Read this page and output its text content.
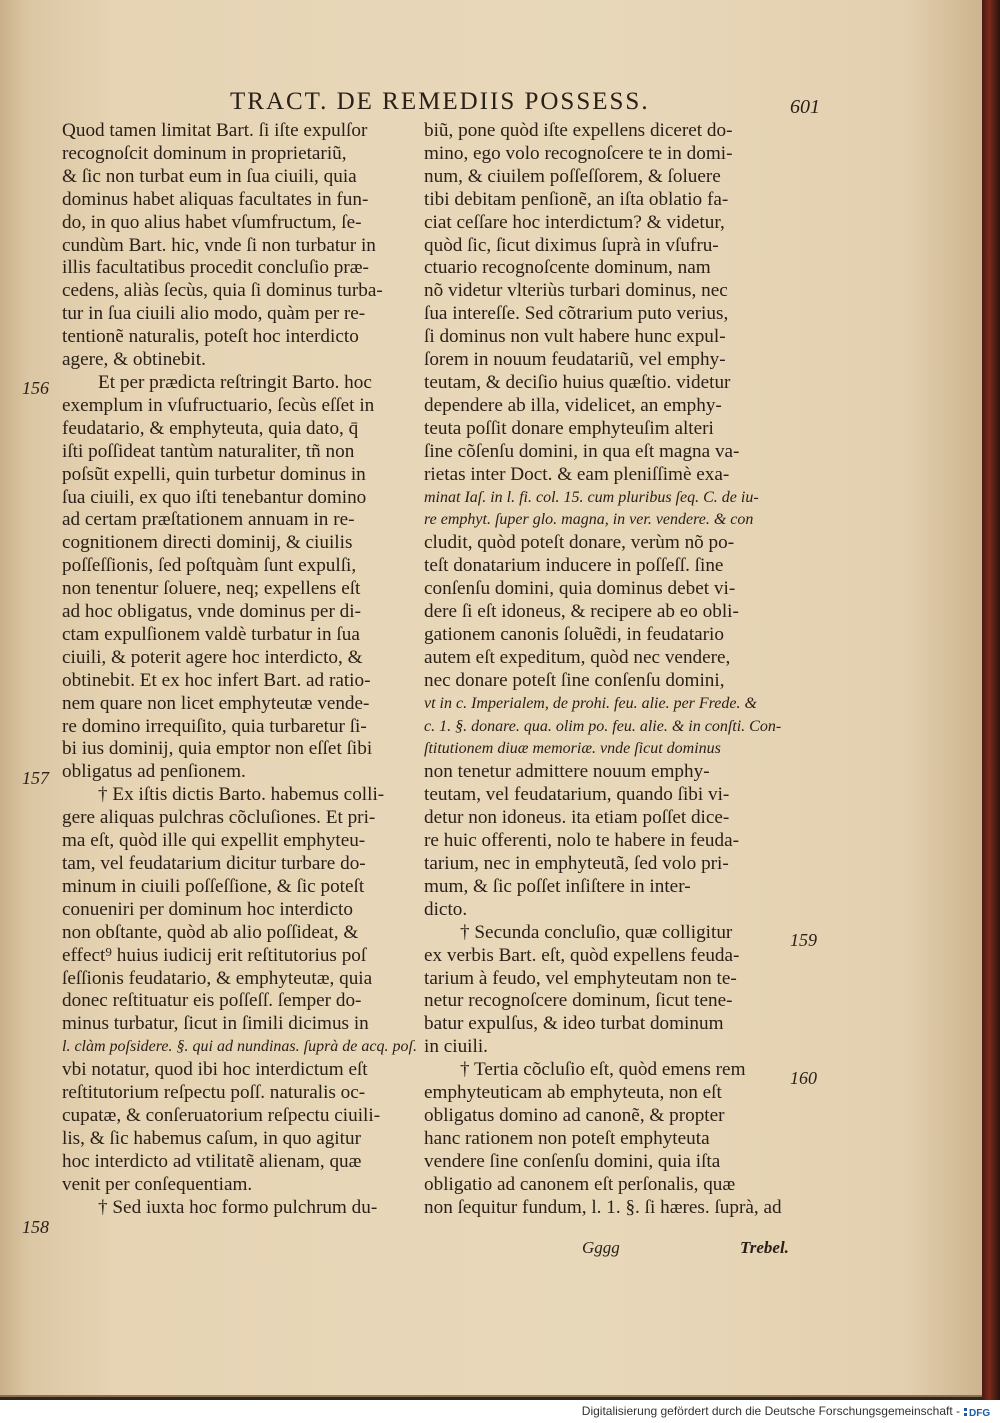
TRACT. DE REMEDIIS POSSESS.	601

Quod tamen limitat Bart. ſi iſte expulſor

recognoſcit dominum in proprietariũ,

& ſic non turbat eum in ſua ciuili, quia

dominus habet aliquas facultates in fun-

do, in quo alius habet vſumfructum, ſe-

cundùm Bart. hic, vnde ſi non turbatur in

illis facultatibus procedit concluſio præ-

cedens, aliàs ſecùs, quia ſi dominus turba-

tur in ſua ciuili alio modo, quàm per re-

tentionẽ naturalis, poteſt hoc interdicto

agere, & obtinebit.

Et per prædicta reſtringit Barto. hoc

exemplum in vſufructuario, ſecùs eſſet in

feudatario, & emphyteuta, quia dato, q̄

iſti poſſideat tantùm naturaliter, tñ non

poſsũt expelli, quin turbetur dominus in

ſua ciuili, ex quo iſti tenebantur domino

ad certam præſtationem annuam in re-

cognitionem directi dominij, & ciuilis

poſſeſſionis, ſed poſtquàm ſunt expulſi,

non tenentur ſoluere, neq; expellens eſt

ad hoc obligatus, vnde dominus per di-

ctam expulſionem valdè turbatur in ſua

ciuili, & poterit agere hoc interdicto, &

obtinebit. Et ex hoc infert Bart. ad ratio-

nem quare non licet emphyteutæ vende-

re domino irrequiſito, quia turbaretur ſi-

bi ius dominij, quia emptor non eſſet ſibi

obligatus ad penſionem.

† Ex iſtis dictis Barto. habemus colli-

gere aliquas pulchras cõcluſiones. Et pri-

ma eſt, quòd ille qui expellit emphyteu-

tam, vel feudatarium dicitur turbare do-

minum in ciuili poſſeſſione, & ſic poteſt

conueniri per dominum hoc interdicto

non obſtante, quòd ab alio poſſideat, &

effect⁹ huius iudicij erit reſtitutorius poſ

ſeſſionis feudatario, & emphyteutæ, quia

donec reſtituatur eis poſſeſſ. ſemper do-

minus turbatur, ſicut in ſimili dicimus in

l. clàm poſsidere. §. qui ad nundinas. ſuprà de acq. poſ.

vbi notatur, quod ibi hoc interdictum eſt

reſtitutorium reſpectu poſſ. naturalis oc-

cupatæ, & conſeruatorium reſpectu ciuili-

lis, & ſic habemus caſum, in quo agitur

hoc interdicto ad vtilitatẽ alienam, quæ

venit per conſequentiam.

† Sed iuxta hoc formo pulchrum du-

biũ, pone quòd iſte expellens diceret do-

mino, ego volo recognoſcere te in domi-

num, & ciuilem poſſeſſorem, & ſoluere

tibi debitam penſionẽ, an iſta oblatio fa-

ciat ceſſare hoc interdictum? & videtur,

quòd ſic, ſicut diximus ſuprà in vſufru-

ctuario recognoſcente dominum, nam

nõ videtur vlteriùs turbari dominus, nec

ſua intereſſe. Sed cõtrarium puto verius,

ſi dominus non vult habere hunc expul-

ſorem in nouum feudatariũ, vel emphy-

teutam, & deciſio huius quæſtio. videtur

dependere ab illa, videlicet, an emphy-

teuta poſſit donare emphyteuſim alteri

ſine cõſenſu domini, in qua eſt magna va-

rietas inter Doct. & eam pleniſſimè exa-

minat Iaſ. in l. fi. col. 15. cum pluribus ſeq. C. de iu-

re emphyt. ſuper glo. magna, in ver. vendere. & con

cludit, quòd poteſt donare, verùm nõ po-

teſt donatarium inducere in poſſeſſ. ſine

conſenſu domini, quia dominus debet vi-

dere ſi eſt idoneus, & recipere ab eo obli-

gationem canonis ſoluẽdi, in feudatario

autem eſt expeditum, quòd nec vendere,

nec donare poteſt ſine conſenſu domini,

vt in c. Imperialem, de prohi. feu. alie. per Frede. &

c. 1. §. donare. qua. olim po. feu. alie. & in conſti. Con-

ſtitutionem diuæ memoriæ. vnde ſicut dominus

non tenetur admittere nouum emphy-

teutam, vel feudatarium, quando ſibi vi-

detur non idoneus. ita etiam poſſet dice-

re huic offerenti, nolo te habere in feuda-

tarium, nec in emphyteutã, ſed volo pri-

mum, & ſic poſſet inſiſtere in inter-

dicto.

† Secunda concluſio, quæ colligitur

ex verbis Bart. eſt, quòd expellens feuda-

tarium à feudo, vel emphyteutam non te-

netur recognoſcere dominum, ſicut tene-

batur expulſus, & ideo turbat dominum

in ciuili.

† Tertia cõcluſio eſt, quòd emens rem

emphyteuticam ab emphyteuta, non eſt

obligatus domino ad canonẽ, & propter

hanc rationem non poteſt emphyteuta

vendere ſine conſenſu domini, quia iſta

obligatio ad canonem eſt perſonalis, quæ

non ſequitur fundum, l. 1. §. ſi hæres. ſuprà, ad

156
157
158
159
160
Gggg	Trebel.
Digitalisierung gefördert durch die Deutsche Forschungsgemeinschaft - DFG
